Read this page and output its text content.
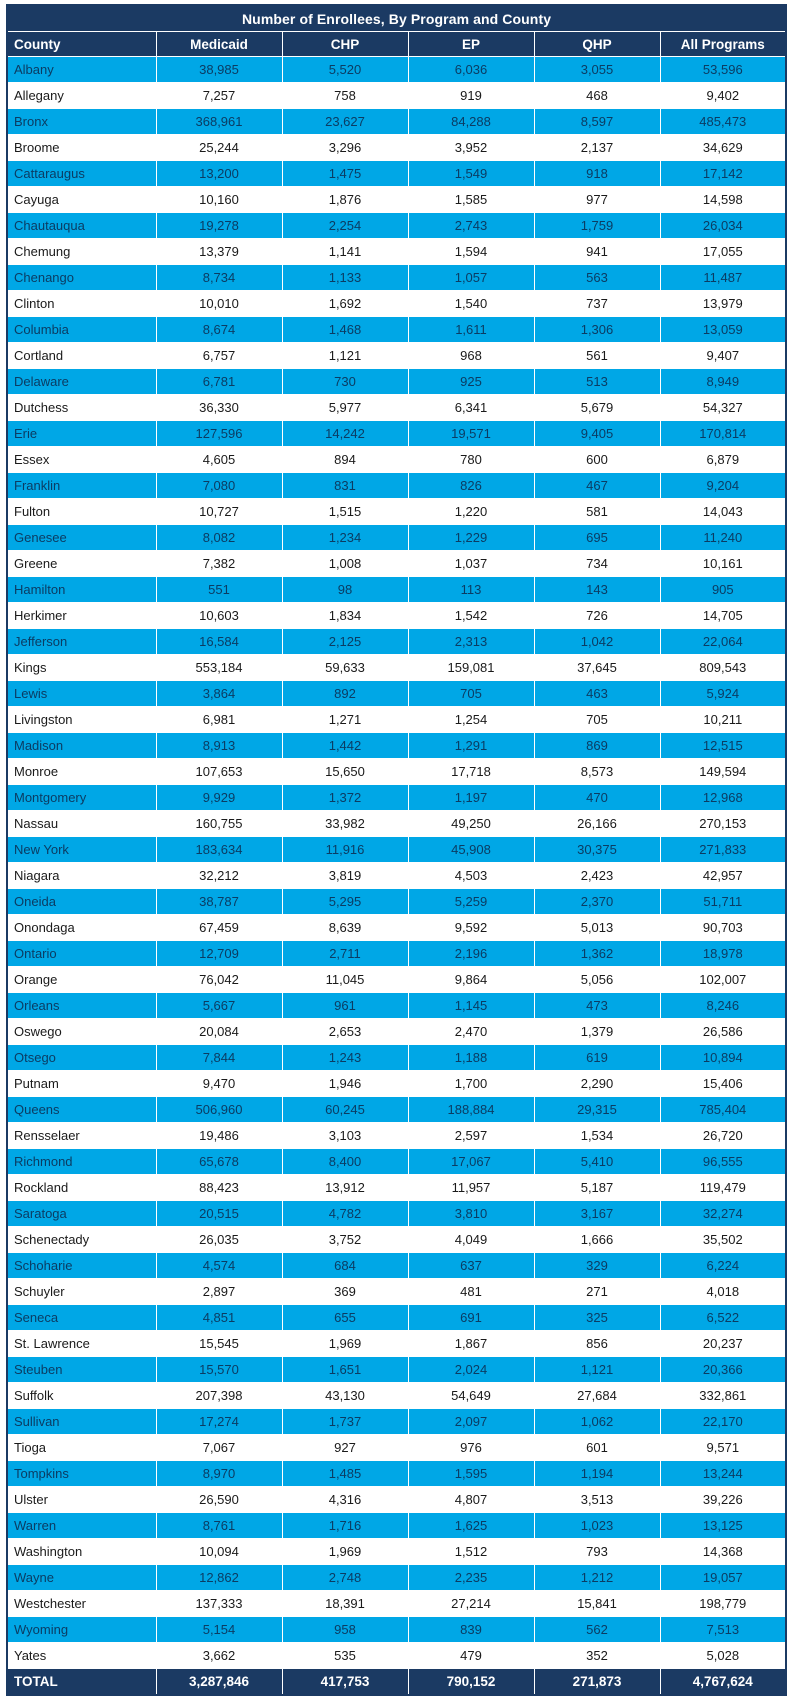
Number of Enrollees, By Program and County					
County	Medicaid	CHP	EP	QHP	All Programs
Albany	38,985	5,520	6,036	3,055	53,596
Allegany	7,257	758	919	468	9,402
Bronx	368,961	23,627	84,288	8,597	485,473
Broome	25,244	3,296	3,952	2,137	34,629
Cattaraugus	13,200	1,475	1,549	918	17,142
Cayuga	10,160	1,876	1,585	977	14,598
Chautauqua	19,278	2,254	2,743	1,759	26,034
Chemung	13,379	1,141	1,594	941	17,055
Chenango	8,734	1,133	1,057	563	11,487
Clinton	10,010	1,692	1,540	737	13,979
Columbia	8,674	1,468	1,611	1,306	13,059
Cortland	6,757	1,121	968	561	9,407
Delaware	6,781	730	925	513	8,949
Dutchess	36,330	5,977	6,341	5,679	54,327
Erie	127,596	14,242	19,571	9,405	170,814
Essex	4,605	894	780	600	6,879
Franklin	7,080	831	826	467	9,204
Fulton	10,727	1,515	1,220	581	14,043
Genesee	8,082	1,234	1,229	695	11,240
Greene	7,382	1,008	1,037	734	10,161
Hamilton	551	98	113	143	905
Herkimer	10,603	1,834	1,542	726	14,705
Jefferson	16,584	2,125	2,313	1,042	22,064
Kings	553,184	59,633	159,081	37,645	809,543
Lewis	3,864	892	705	463	5,924
Livingston	6,981	1,271	1,254	705	10,211
Madison	8,913	1,442	1,291	869	12,515
Monroe	107,653	15,650	17,718	8,573	149,594
Montgomery	9,929	1,372	1,197	470	12,968
Nassau	160,755	33,982	49,250	26,166	270,153
New York	183,634	11,916	45,908	30,375	271,833
Niagara	32,212	3,819	4,503	2,423	42,957
Oneida	38,787	5,295	5,259	2,370	51,711
Onondaga	67,459	8,639	9,592	5,013	90,703
Ontario	12,709	2,711	2,196	1,362	18,978
Orange	76,042	11,045	9,864	5,056	102,007
Orleans	5,667	961	1,145	473	8,246
Oswego	20,084	2,653	2,470	1,379	26,586
Otsego	7,844	1,243	1,188	619	10,894
Putnam	9,470	1,946	1,700	2,290	15,406
Queens	506,960	60,245	188,884	29,315	785,404
Rensselaer	19,486	3,103	2,597	1,534	26,720
Richmond	65,678	8,400	17,067	5,410	96,555
Rockland	88,423	13,912	11,957	5,187	119,479
Saratoga	20,515	4,782	3,810	3,167	32,274
Schenectady	26,035	3,752	4,049	1,666	35,502
Schoharie	4,574	684	637	329	6,224
Schuyler	2,897	369	481	271	4,018
Seneca	4,851	655	691	325	6,522
St. Lawrence	15,545	1,969	1,867	856	20,237
Steuben	15,570	1,651	2,024	1,121	20,366
Suffolk	207,398	43,130	54,649	27,684	332,861
Sullivan	17,274	1,737	2,097	1,062	22,170
Tioga	7,067	927	976	601	9,571
Tompkins	8,970	1,485	1,595	1,194	13,244
Ulster	26,590	4,316	4,807	3,513	39,226
Warren	8,761	1,716	1,625	1,023	13,125
Washington	10,094	1,969	1,512	793	14,368
Wayne	12,862	2,748	2,235	1,212	19,057
Westchester	137,333	18,391	27,214	15,841	198,779
Wyoming	5,154	958	839	562	7,513
Yates	3,662	535	479	352	5,028
TOTAL	3,287,846	417,753	790,152	271,873	4,767,624
